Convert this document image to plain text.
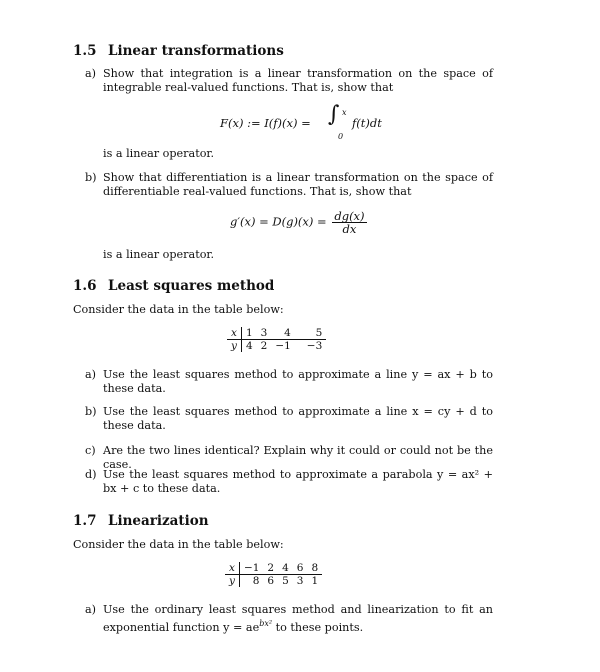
1.5 Linear transformations
a) Show that integration is a linear transformation on the space of integrable real-valued functions. That is, show that
F(x) := I(f)(x) = ∫ x
0
f(t)dt
is a linear operator.
b) Show that differentiation is a linear transformation on the space of differentiable real-valued functions. That is, show that
$g'(x) = D(g)(x) = \frac{dg(x)}{dx}$
is a linear operator.
1.6 Least squares method
Consider the data in the table below:
x	1	3	4	5
y	4	2	−1	−3
a) Use the least squares method to approximate a line y = ax + b to these data.
b) Use the least squares method to approximate a line x = cy + d to these data.
c) Are the two lines identical? Explain why it could or could not be the case.
d) Use the least squares method to approximate a parabola y = ax² + bx + c to these data.
1.7 Linearization
Consider the data in the table below:
x	−1	2	4	6	8
y	8	6	5	3	1
a) Use the ordinary least squares method and linearization to fit an exponential function $y = ae^{bx^2}$ to these points.
